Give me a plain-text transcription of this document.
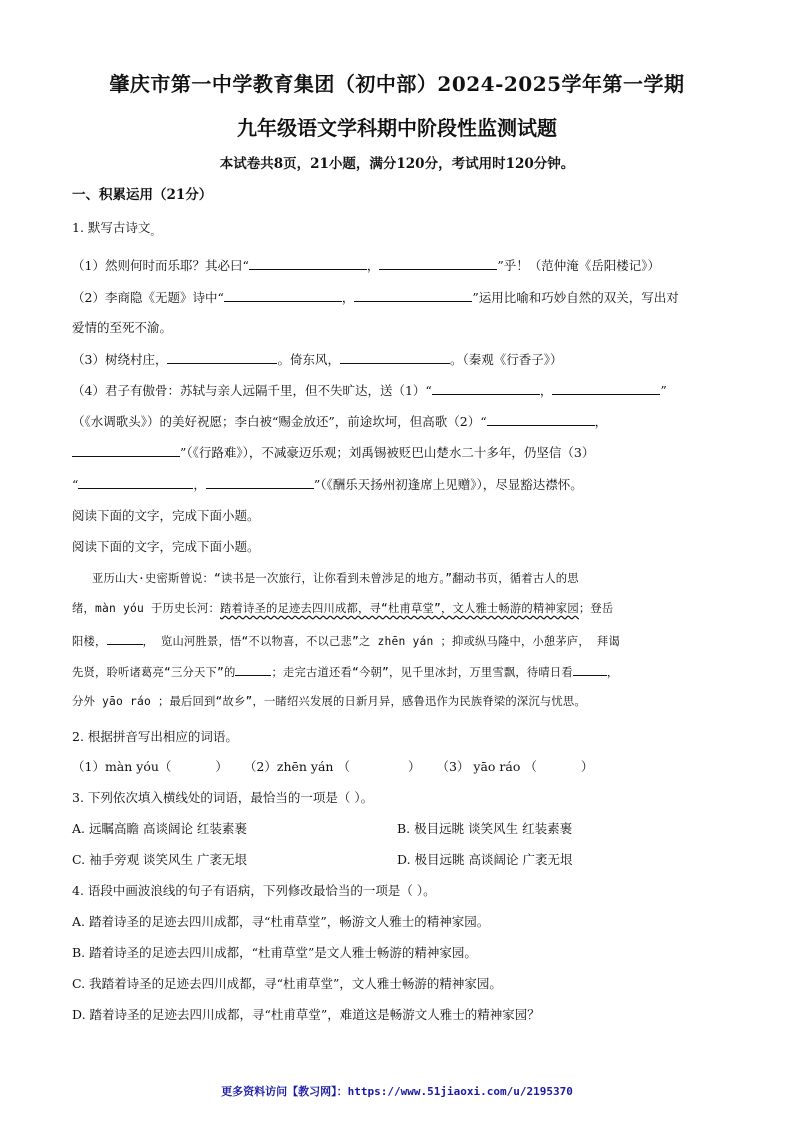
肇庆市第一中学教育集团（初中部）2024-2025学年第一学期
九年级语文学科期中阶段性监测试题
本试卷共8页，21小题，满分120分，考试用时120分钟。
一、积累运用（21分）
1. 默写古诗文$_。$
（1）然则何时而乐耶？其必曰“	，	”乎！（范仲淹《岳阳楼记》）
（2）李商隐《无题》诗中“	，	”运用比喻和巧妙自然的双关，写出对
爱情的至死不渝。
（3）树绕村庄，	。倚东风，	。（秦观《行香子》）
（4）君子有傲骨：苏轼与亲人远隔千里，但不失旷达，送（1）“	，	”
（《水调歌头》）的美好祝愿；李白被“赐金放还”，前途坎坷，但高歌（2）“	，
”（《行路难》），不减豪迈乐观；刘禹锡被贬巴山楚水二十多年，仍坚信（3）
“	，	”（《酬乐天扬州初逢席上见赠》），尽显豁达襟怀。
阅读下面的文字，完成下面小题。
阅读下面的文字，完成下面小题。
亚历山大·史密斯曾说：“读书是一次旅行，让你看到未曾涉足的地方。”翻动书页，循着古人的思
绪，màn yóu 于历史长河：踏着诗圣的足迹去四川成都，寻“杜甫草堂”，文人雅士畅游的精神家园；登岳
阳楼，	， 览山河胜景，悟“不以物喜，不以己悲”之 zhēn yán ；抑或纵马隆中，小憩茅庐， 拜谒
先贤，聆听诸葛亮“三分天下”的	；走完古道还看“今朝”，见千里冰封，万里雪飘，待晴日看	，
分外 yāo ráo ；最后回到“故乡”，一睹绍兴发展的日新月异，感鲁迅作为民族脊梁的深沉与忧思。
2. 根据拼音写出相应的词语。
（1）màn yóu（	） （2）zhēn yán （	） （3） yāo ráo （	）
3. 下列依次填入横线处的词语，最恰当的一项是（ ）。
A. 远瞩高瞻 高谈阔论 红装素裹	B. 极目远眺 谈笑风生 红装素裹
C. 袖手旁观 谈笑风生 广袤无垠	D. 极目远眺 高谈阔论 广袤无垠
4. 语段中画波浪线的句子有语病，下列修改最恰当的一项是（ ）。
A. 踏着诗圣的足迹去四川成都，寻“杜甫草堂”，畅游文人雅士的精神家园。
B. 踏着诗圣的足迹去四川成都，“杜甫草堂”是文人雅士畅游的精神家园。
C. 我踏着诗圣的足迹去四川成都，寻“杜甫草堂”，文人雅士畅游的精神家园。
D. 踏着诗圣的足迹去四川成都，寻“杜甫草堂”，难道这是畅游文人雅士的精神家园？
更多资料访问【教习网】：https://www.51jiaoxi.com/u/2195370
